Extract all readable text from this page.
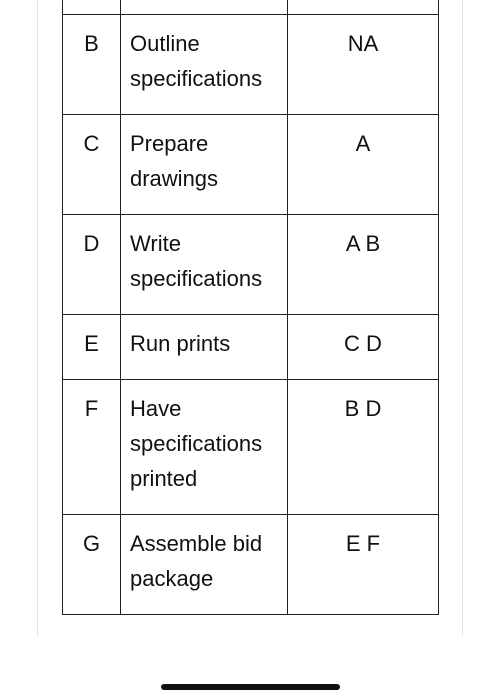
B	Outline specifications	NA
C	Prepare drawings	A
D	Write specifications	A B
E	Run prints	C D
F	Have specifications printed	B D
G	Assemble bid package	E F
